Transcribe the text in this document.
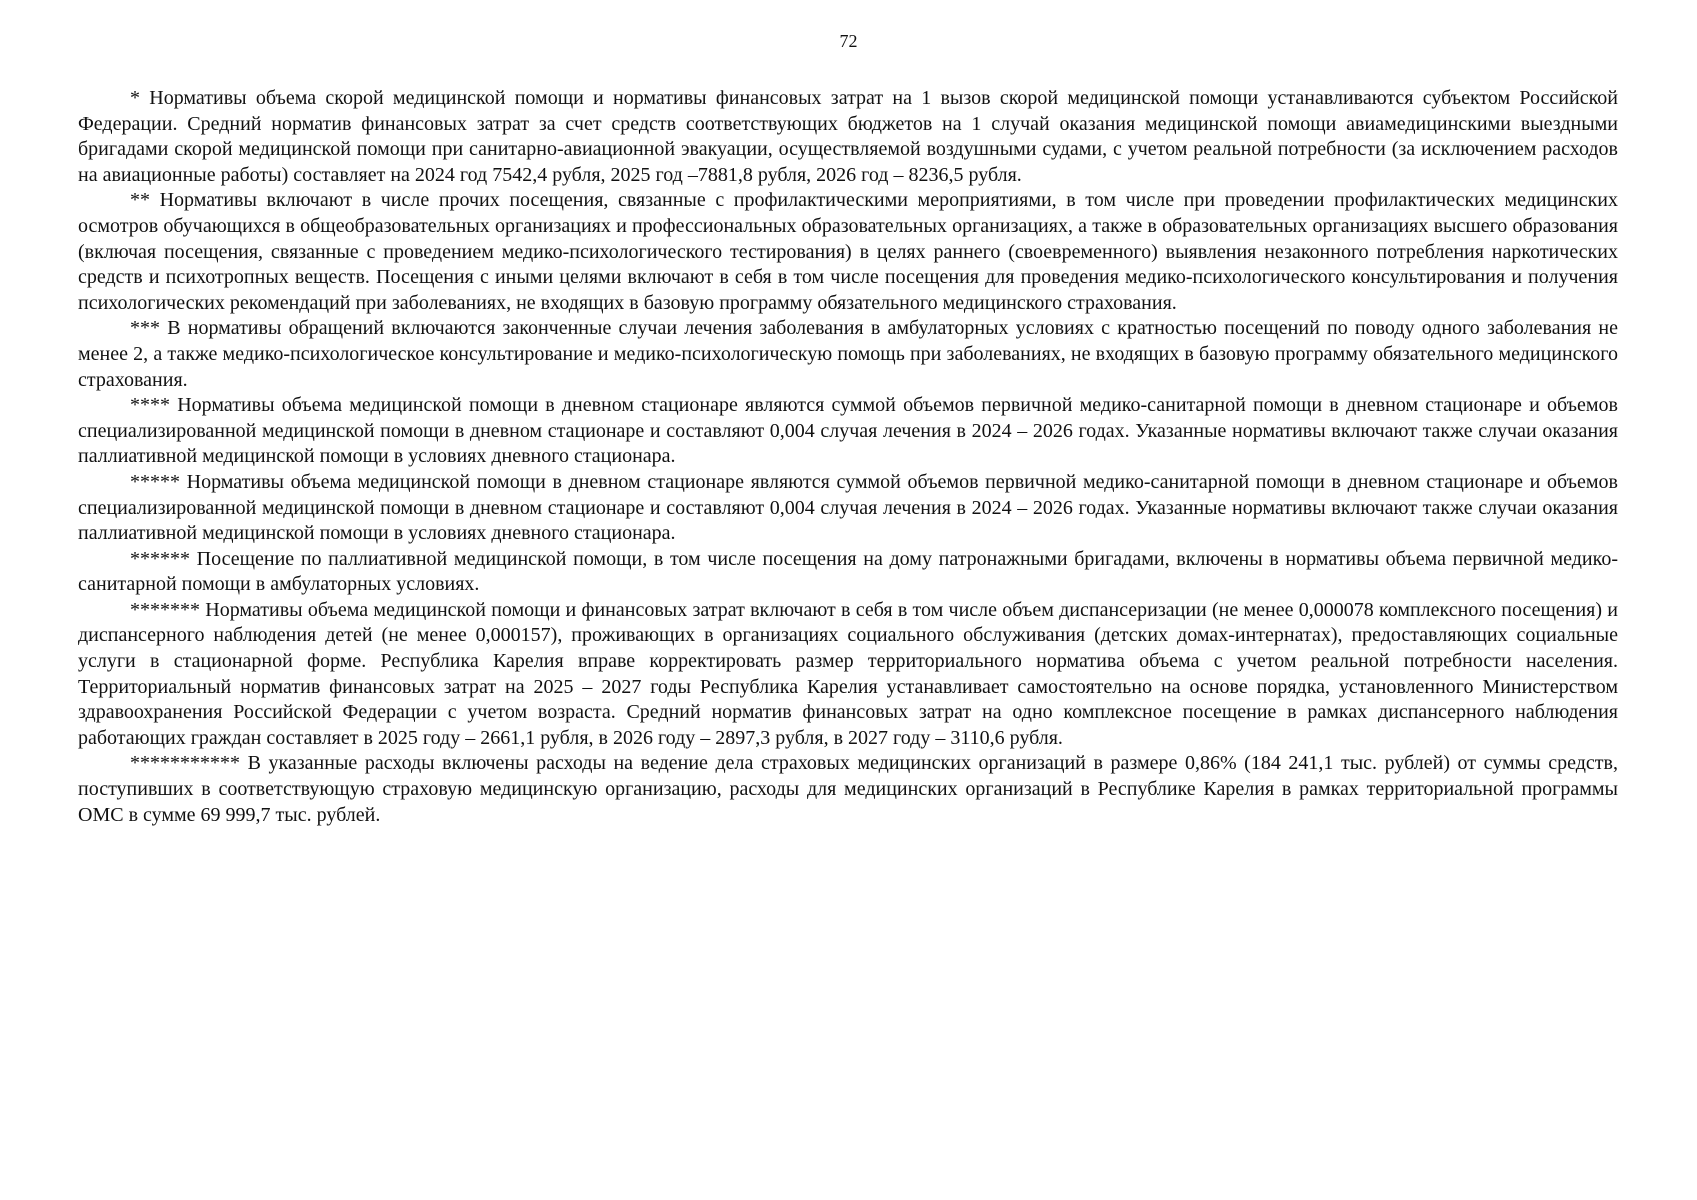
72

* Нормативы объема скорой медицинской помощи и нормативы финансовых затрат на 1 вызов скорой медицинской помощи устанавливаются субъектом Российской Федерации. Средний норматив финансовых затрат за счет средств соответствующих бюджетов на 1 случай оказания медицинской помощи авиамедицинскими выездными бригадами скорой медицинской помощи при санитарно-авиационной эвакуации, осуществляемой воздушными судами, с учетом реальной потребности (за исключением расходов на авиационные работы) составляет на 2024 год 7542,4 рубля, 2025 год –7881,8 рубля, 2026 год – 8236,5 рубля.

** Нормативы включают в числе прочих посещения, связанные с профилактическими мероприятиями, в том числе при проведении профилактических медицинских осмотров обучающихся в общеобразовательных организациях и профессиональных образовательных организациях, а также в образовательных организациях высшего образования (включая посещения, связанные с проведением медико-психологического тестирования) в целях раннего (своевременного) выявления незаконного потребления наркотических средств и психотропных веществ. Посещения с иными целями включают в себя в том числе посещения для проведения медико-психологического консультирования и получения психологических рекомендаций при заболеваниях, не входящих в базовую программу обязательного медицинского страхования.

*** В нормативы обращений включаются законченные случаи лечения заболевания в амбулаторных условиях с кратностью посещений по поводу одного заболевания не менее 2, а также медико-психологическое консультирование и медико-психологическую помощь при заболеваниях, не входящих в базовую программу обязательного медицинского страхования.

**** Нормативы объема медицинской помощи в дневном стационаре являются суммой объемов первичной медико-санитарной помощи в дневном стационаре и объемов специализированной медицинской помощи в дневном стационаре и составляют 0,004 случая лечения в 2024 – 2026 годах. Указанные нормативы включают также случаи оказания паллиативной медицинской помощи в условиях дневного стационара.

***** Нормативы объема медицинской помощи в дневном стационаре являются суммой объемов первичной медико-санитарной помощи в дневном стационаре и объемов специализированной медицинской помощи в дневном стационаре и составляют 0,004 случая лечения в 2024 – 2026 годах. Указанные нормативы включают также случаи оказания паллиативной медицинской помощи в условиях дневного стационара.

****** Посещение по паллиативной медицинской помощи, в том числе посещения на дому патронажными бригадами, включены в нормативы объема первичной медико-санитарной помощи в амбулаторных условиях.

******* Нормативы объема медицинской помощи и финансовых затрат включают в себя в том числе объем диспансеризации (не менее 0,000078 комплексного посещения) и диспансерного наблюдения детей (не менее 0,000157), проживающих в организациях социального обслуживания (детских домах-интернатах), предоставляющих социальные услуги в стационарной форме. Республика Карелия вправе корректировать размер территориального норматива объема с учетом реальной потребности населения. Территориальный норматив финансовых затрат на 2025 – 2027 годы Республика Карелия устанавливает самостоятельно на основе порядка, установленного Министерством здравоохранения Российской Федерации с учетом возраста. Средний норматив финансовых затрат на одно комплексное посещение в рамках диспансерного наблюдения работающих граждан составляет в 2025 году – 2661,1 рубля, в 2026 году – 2897,3 рубля, в 2027 году – 3110,6 рубля.

*********** В указанные расходы включены расходы на ведение дела страховых медицинских организаций в размере 0,86% (184 241,1 тыс. рублей) от суммы средств, поступивших в соответствующую страховую медицинскую организацию, расходы для медицинских организаций в Республике Карелия в рамках территориальной программы ОМС в сумме 69 999,7 тыс. рублей.
